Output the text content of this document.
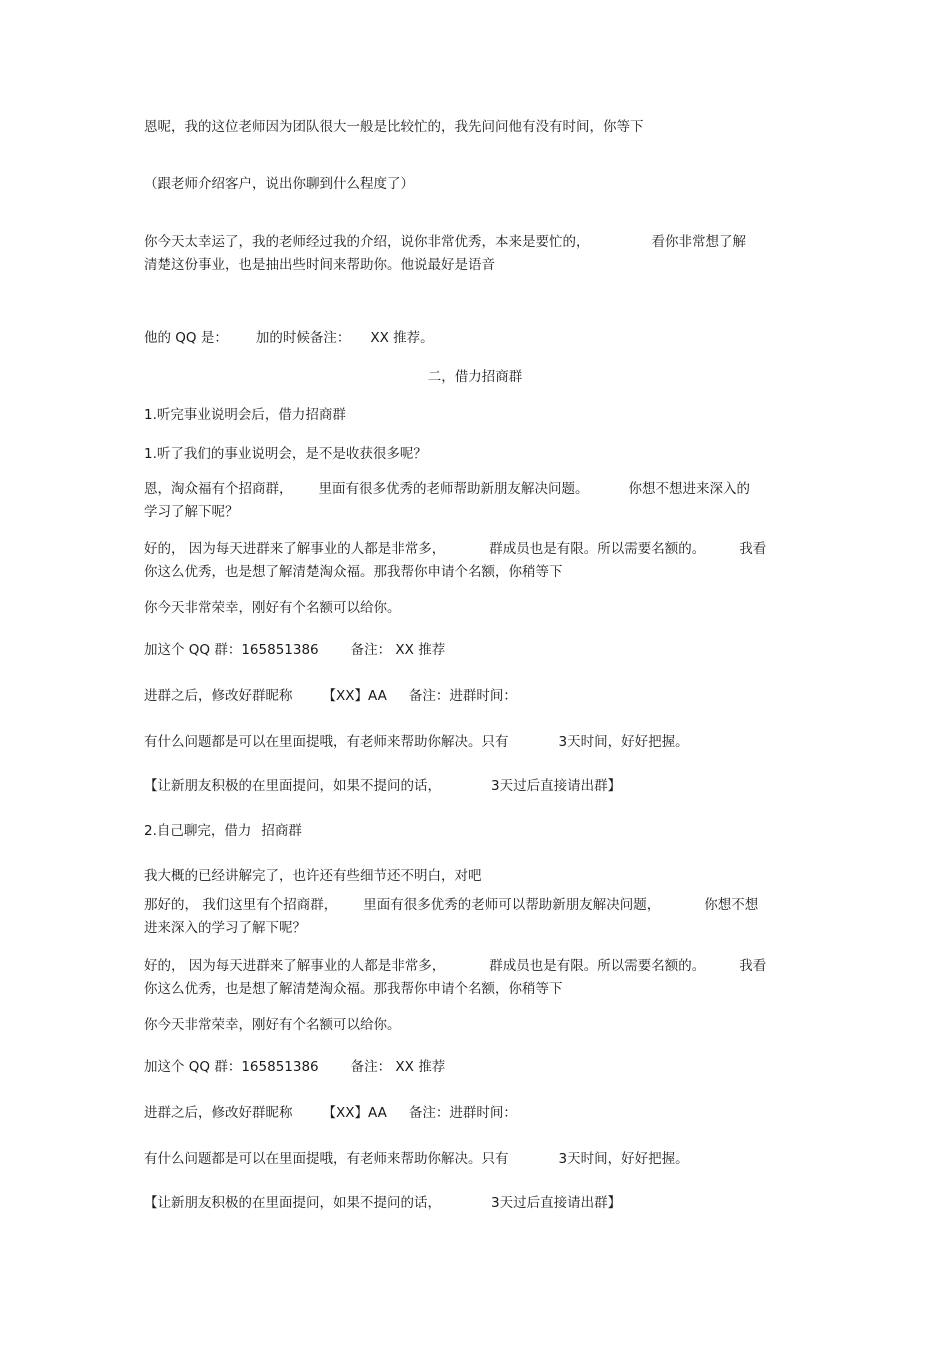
恩呢，我的这位老师因为团队很大一般是比较忙的，我先问问他有没有时间，你等下
（跟老师介绍客户，说出你聊到什么程度了）
你今天太幸运了，我的老师经过我的介绍，说你非常优秀，本来是要忙的，	看你非常想了解
清楚这份事业，也是抽出些时间来帮助你。他说最好是语音
他的 QQ 是： 加的时候备注： XX 推荐。
二，借力招商群
1.听完事业说明会后，借力招商群
1.听了我们的事业说明会，是不是收获很多呢？
恩，淘众福有个招商群， 里面有很多优秀的老师帮助新朋友解决问题。	你想不想进来深入的
学习了解下呢？
好的， 因为每天进群来了解事业的人都是非常多，	群成员也是有限。所以需要名额的。	我看
你这么优秀，也是想了解清楚淘众福。那我帮你申请个名额，你稍等下
你今天非常荣幸，刚好有个名额可以给你。
加这个 QQ 群：165851386 备注： XX 推荐
进群之后，修改好群昵称 【XX】AA 备注：进群时间：
有什么问题都是可以在里面提哦，有老师来帮助你解决。只有	3天时间，好好把握。
【让新朋友积极的在里面提问，如果不提问的话，	3天过后直接请出群】
2.自己聊完，借力 招商群
我大概的已经讲解完了，也许还有些细节还不明白，对吧
那好的， 我们这里有个招商群， 里面有很多优秀的老师可以帮助新朋友解决问题，	你想不想
进来深入的学习了解下呢？
好的， 因为每天进群来了解事业的人都是非常多，	群成员也是有限。所以需要名额的。	我看
你这么优秀，也是想了解清楚淘众福。那我帮你申请个名额，你稍等下
你今天非常荣幸，刚好有个名额可以给你。
加这个 QQ 群：165851386 备注： XX 推荐
进群之后，修改好群昵称 【XX】AA 备注：进群时间：
有什么问题都是可以在里面提哦，有老师来帮助你解决。只有	3天时间，好好把握。
【让新朋友积极的在里面提问，如果不提问的话，	3天过后直接请出群】
